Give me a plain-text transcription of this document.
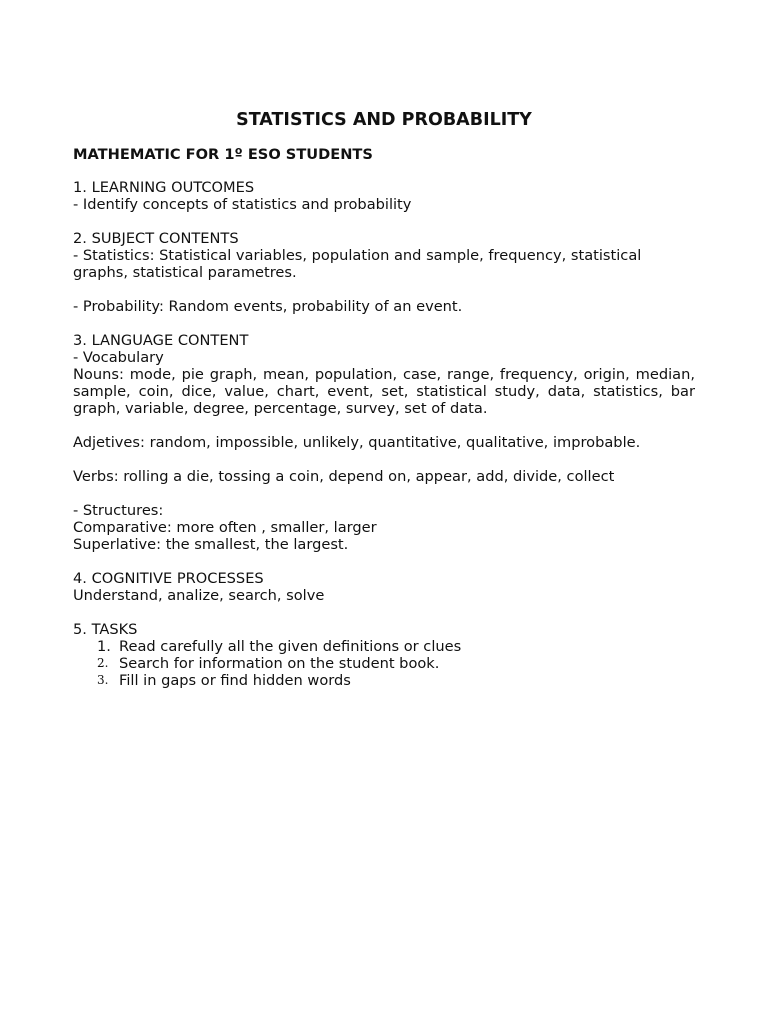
STATISTICS AND PROBABILITY
MATHEMATIC FOR 1º ESO STUDENTS
1. LEARNING OUTCOMES
- Identify concepts of statistics and probability
2. SUBJECT CONTENTS
- Statistics: Statistical variables, population and sample, frequency, statistical graphs, statistical parametres.
- Probability: Random events, probability of an event.
3. LANGUAGE CONTENT
- Vocabulary
Nouns: mode, pie graph, mean, population, case, range, frequency, origin, median, sample, coin, dice, value, chart, event, set, statistical study, data, statistics, bar graph, variable, degree, percentage, survey, set of data.
Adjetives: random, impossible, unlikely, quantitative, qualitative, improbable.
Verbs: rolling a die, tossing a coin, depend on, appear, add, divide, collect
- Structures:
Comparative: more often , smaller, larger
Superlative: the smallest, the largest.
4. COGNITIVE PROCESSES
Understand, analize, search, solve
5. TASKS
1. Read carefully all the given definitions or clues
2. Search for information on the student book.
3. Fill in gaps or find hidden words
